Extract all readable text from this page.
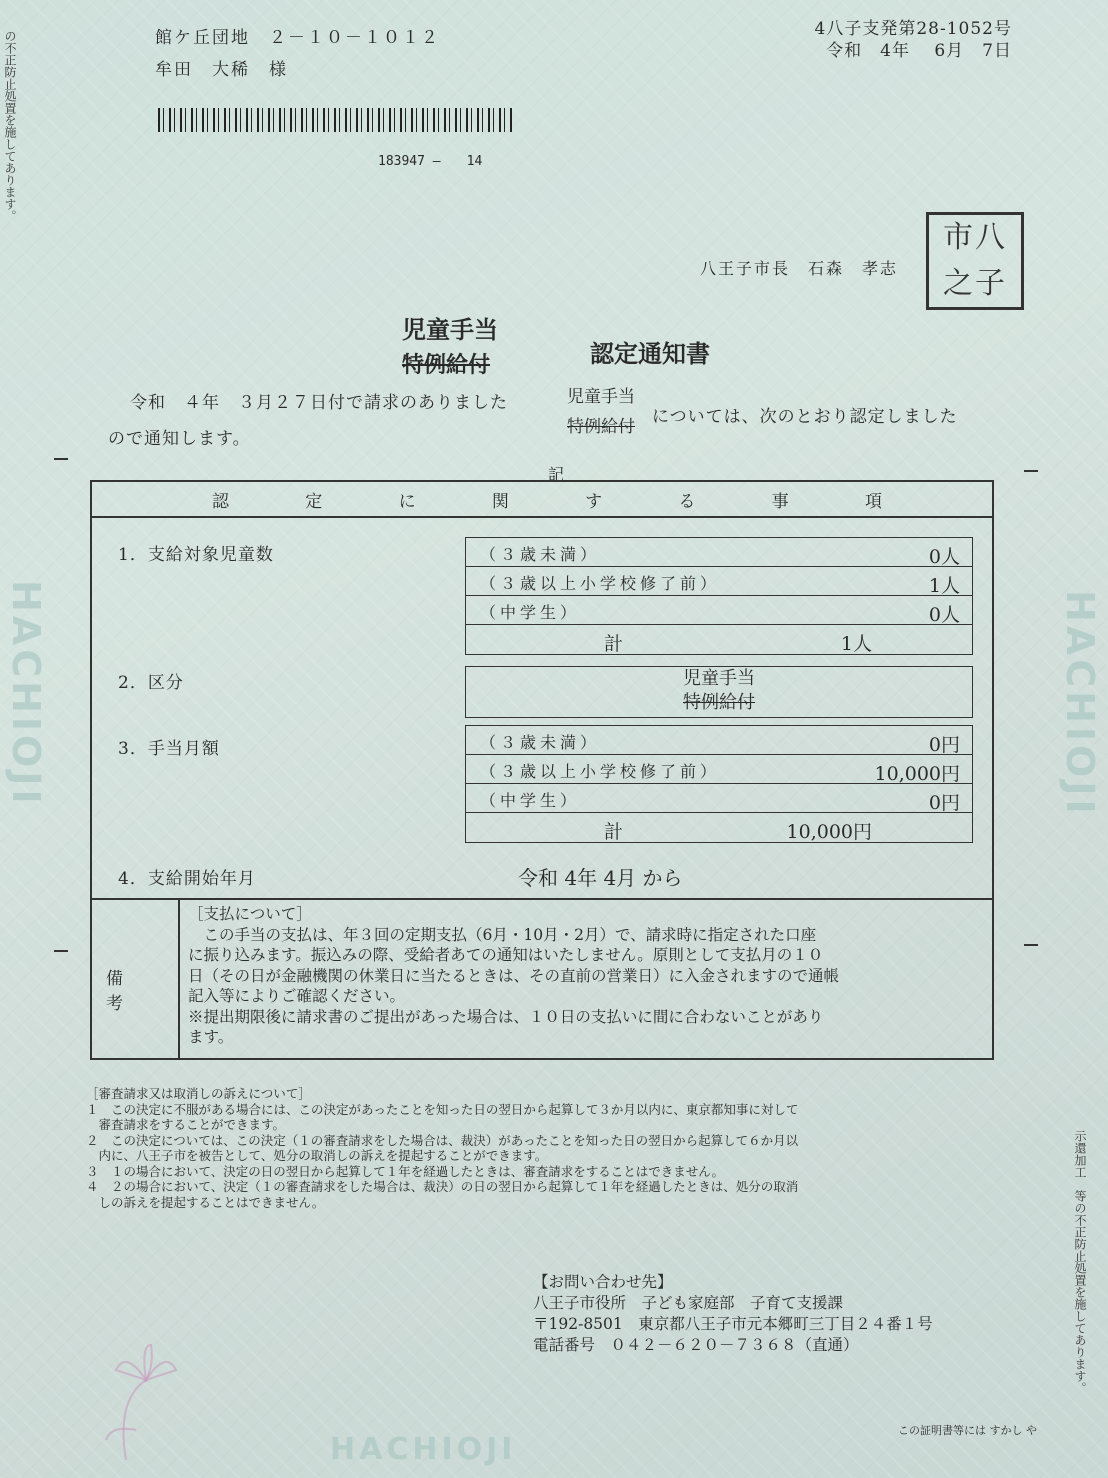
HACHIOJI	HACHIOJI
HACHIOJI
の不正防止処置を施してあります。
示還加工　等の不正防止処置を施してあります。
館ケ丘団地　２－１０－１０１２
牟田　大稀　様
183947 –　　14
4八子支発第28-1052号
令和　4年　 6月　7日
八王子市長　石森　孝志
市八
之子
児童手当
特例給付	認定通知書
令和　４年　３月２７日付で請求のありました	児童手当
特例給付 については、次のとおり認定しました
ので通知します。
記
認	定	に	関	す	る	事	項
1．支給対象児童数	（３歳未満）	0人
（３歳以上小学校修了前）	1人
（中学生）	0人
計	1人
2．区分	児童手当
特例給付
3．手当月額	（３歳未満）	0円
（３歳以上小学校修了前）	10,000円
（中学生）	0円
計	10,000円
4．支給開始年月	令和 4年 4月 から
備考

［支払について］

　この手当の支払は、年３回の定期支払（6月・10月・2月）で、請求時に指定された口座

に振り込みます。振込みの際、受給者あての通知はいたしません。原則として支払月の１０

日（その日が金融機関の休業日に当たるときは、その直前の営業日）に入金されますので通帳

記入等によりご確認ください。

※提出期限後に請求書のご提出があった場合は、１０日の支払いに間に合わないことがあり

ます。

［審査請求又は取消しの訴えについて］

１　この決定に不服がある場合には、この決定があったことを知った日の翌日から起算して３か月以内に、東京都知事に対して

　審査請求をすることができます。

２　この決定については、この決定（１の審査請求をした場合は、裁決）があったことを知った日の翌日から起算して６か月以

　内に、八王子市を被告として、処分の取消しの訴えを提起することができます。

３　１の場合において、決定の日の翌日から起算して１年を経過したときは、審査請求をすることはできません。

４　２の場合において、決定（１の審査請求をした場合は、裁決）の日の翌日から起算して１年を経過したときは、処分の取消

　しの訴えを提起することはできません。

【お問い合わせ先】

八王子市役所　子ども家庭部　子育て支援課

〒192-8501　東京都八王子市元本郷町三丁目２４番１号

電話番号　０４２－６２０－７３６８（直通）

この証明書等には すかし や
